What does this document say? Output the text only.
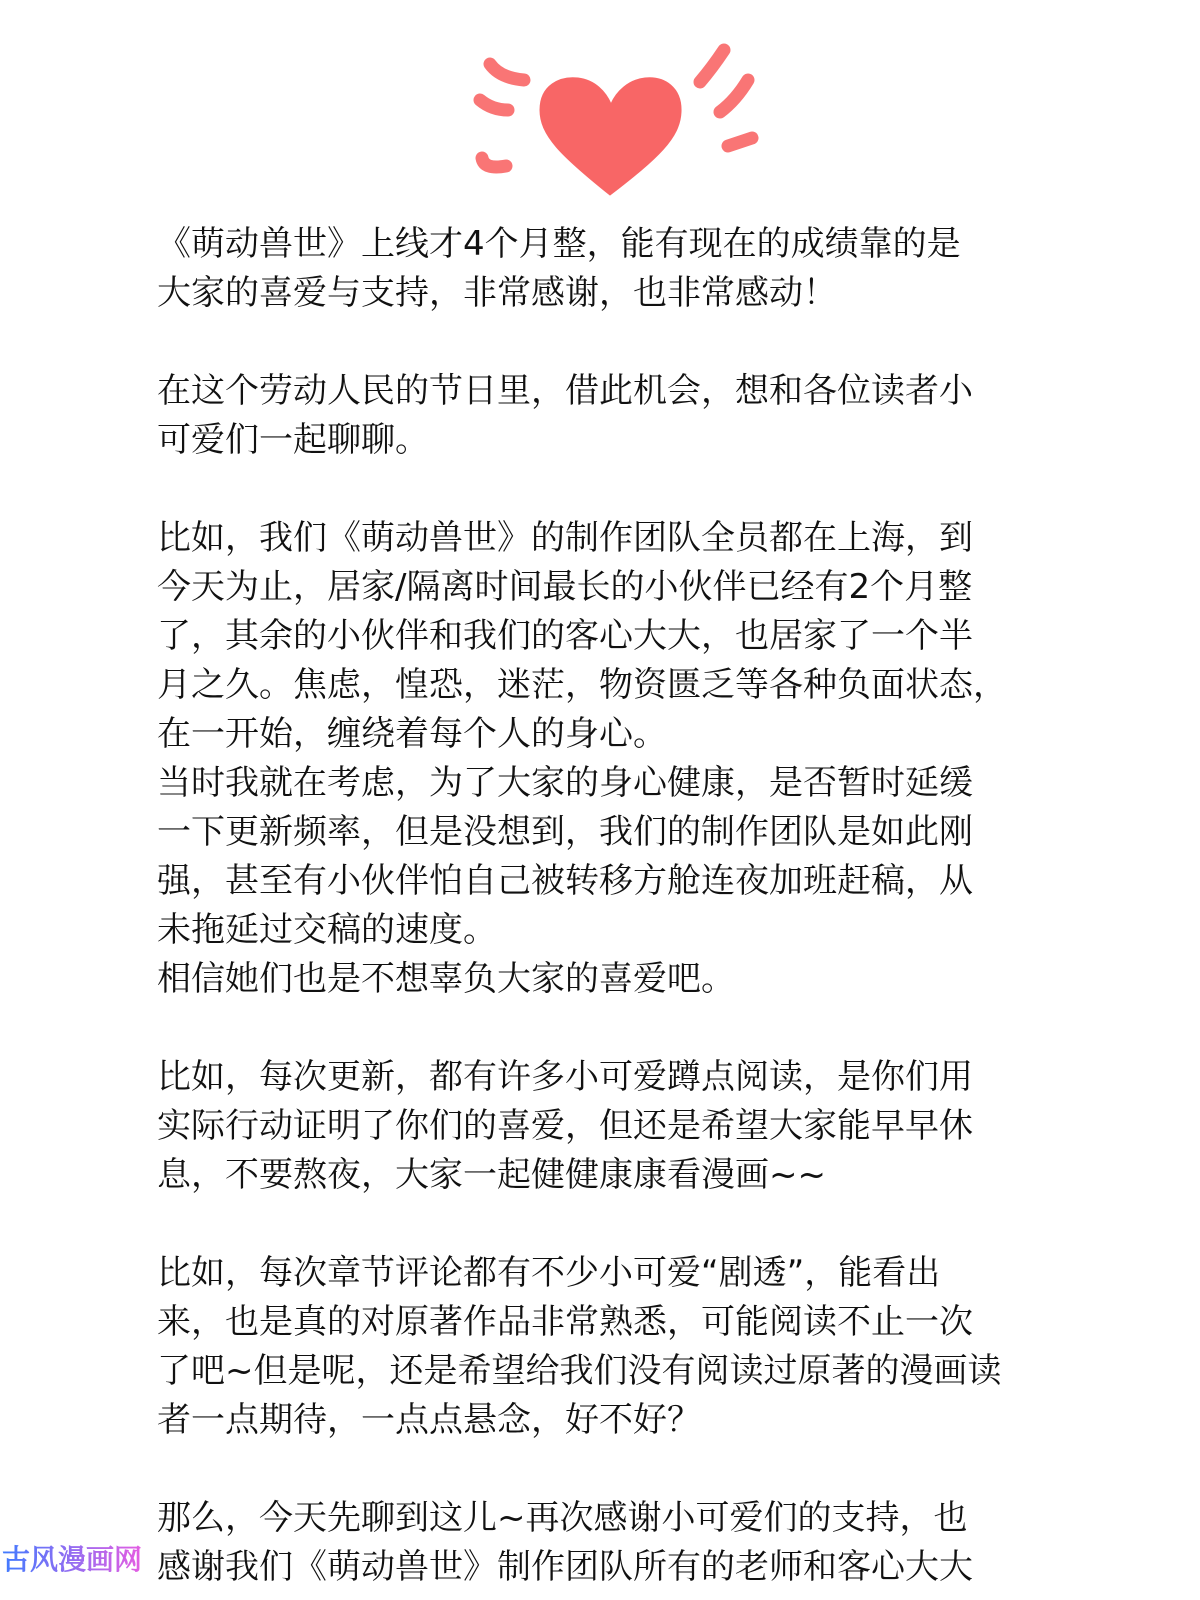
《萌动兽世》上线才4个月整，能有现在的成绩靠的是
大家的喜爱与支持，非常感谢，也非常感动！
在这个劳动人民的节日里，借此机会，想和各位读者小
可爱们一起聊聊。
比如，我们《萌动兽世》的制作团队全员都在上海，到
今天为止，居家/隔离时间最长的小伙伴已经有2个月整
了，其余的小伙伴和我们的客心大大，也居家了一个半
月之久。焦虑，惶恐，迷茫，物资匮乏等各种负面状态，
在一开始，缠绕着每个人的身心。
当时我就在考虑，为了大家的身心健康，是否暂时延缓
一下更新频率，但是没想到，我们的制作团队是如此刚
强，甚至有小伙伴怕自己被转移方舱连夜加班赶稿，从
未拖延过交稿的速度。
相信她们也是不想辜负大家的喜爱吧。
比如，每次更新，都有许多小可爱蹲点阅读，是你们用
实际行动证明了你们的喜爱，但还是希望大家能早早休
息，不要熬夜，大家一起健健康康看漫画~~
比如，每次章节评论都有不少小可爱“剧透”，能看出
来，也是真的对原著作品非常熟悉，可能阅读不止一次
了吧~但是呢，还是希望给我们没有阅读过原著的漫画读
者一点期待，一点点悬念，好不好？
那么，今天先聊到这儿~再次感谢小可爱们的支持，也
感谢我们《萌动兽世》制作团队所有的老师和客心大大
古风漫画网
